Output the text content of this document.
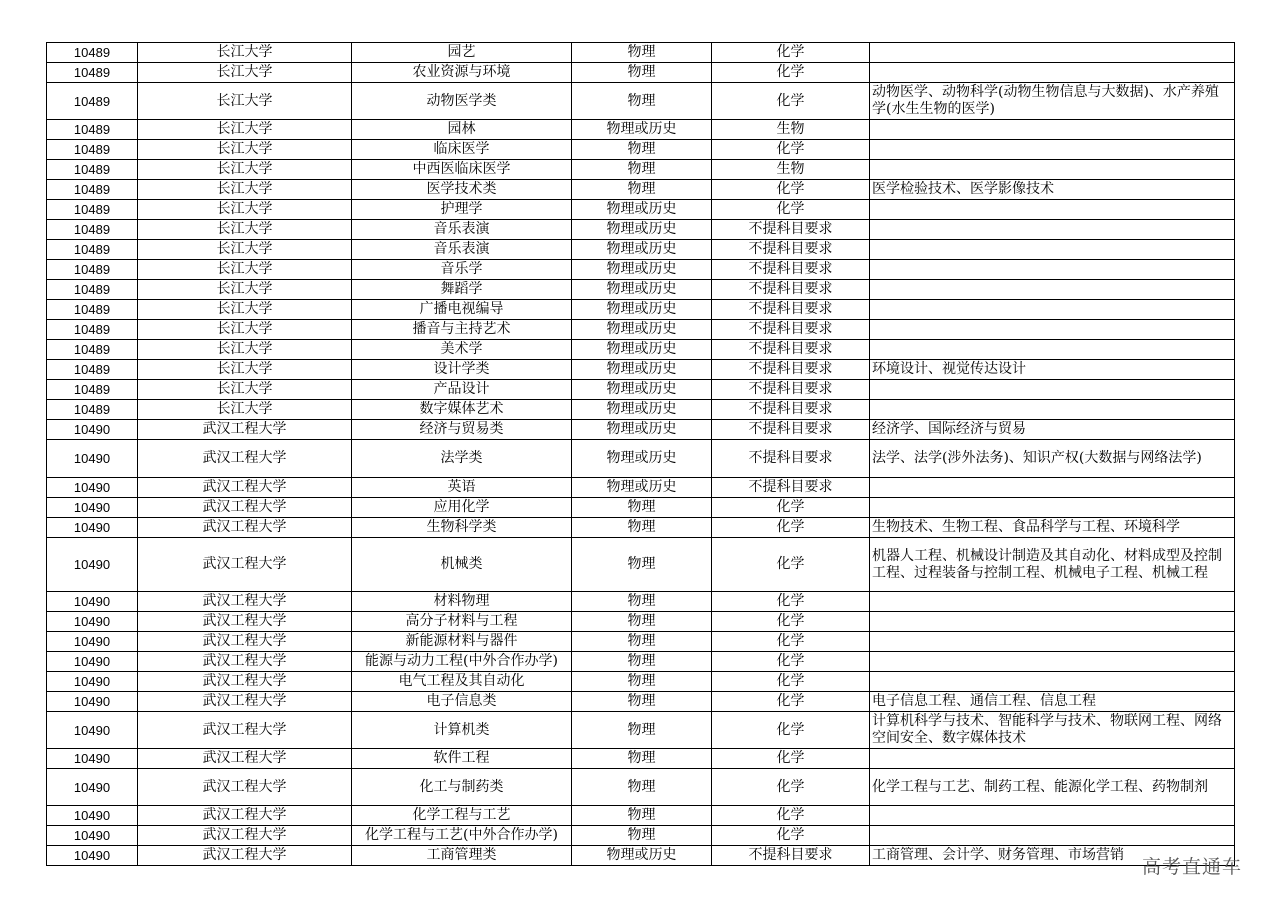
10489	长江大学	园艺	物理	化学	
10489	长江大学	农业资源与环境	物理	化学	
10489	长江大学	动物医学类	物理	化学	动物医学、动物科学(动物生物信息与大数据)、水产养殖学(水生生物的医学)
10489	长江大学	园林	物理或历史	生物	
10489	长江大学	临床医学	物理	化学	
10489	长江大学	中西医临床医学	物理	生物	
10489	长江大学	医学技术类	物理	化学	医学检验技术、医学影像技术
10489	长江大学	护理学	物理或历史	化学	
10489	长江大学	音乐表演	物理或历史	不提科目要求	
10489	长江大学	音乐表演	物理或历史	不提科目要求	
10489	长江大学	音乐学	物理或历史	不提科目要求	
10489	长江大学	舞蹈学	物理或历史	不提科目要求	
10489	长江大学	广播电视编导	物理或历史	不提科目要求	
10489	长江大学	播音与主持艺术	物理或历史	不提科目要求	
10489	长江大学	美术学	物理或历史	不提科目要求	
10489	长江大学	设计学类	物理或历史	不提科目要求	环境设计、视觉传达设计
10489	长江大学	产品设计	物理或历史	不提科目要求	
10489	长江大学	数字媒体艺术	物理或历史	不提科目要求	
10490	武汉工程大学	经济与贸易类	物理或历史	不提科目要求	经济学、国际经济与贸易
10490	武汉工程大学	法学类	物理或历史	不提科目要求	法学、法学(涉外法务)、知识产权(大数据与网络法学)
10490	武汉工程大学	英语	物理或历史	不提科目要求	
10490	武汉工程大学	应用化学	物理	化学	
10490	武汉工程大学	生物科学类	物理	化学	生物技术、生物工程、食品科学与工程、环境科学
10490	武汉工程大学	机械类	物理	化学	机器人工程、机械设计制造及其自动化、材料成型及控制工程、过程装备与控制工程、机械电子工程、机械工程
10490	武汉工程大学	材料物理	物理	化学	
10490	武汉工程大学	高分子材料与工程	物理	化学	
10490	武汉工程大学	新能源材料与器件	物理	化学	
10490	武汉工程大学	能源与动力工程(中外合作办学)	物理	化学	
10490	武汉工程大学	电气工程及其自动化	物理	化学	
10490	武汉工程大学	电子信息类	物理	化学	电子信息工程、通信工程、信息工程
10490	武汉工程大学	计算机类	物理	化学	计算机科学与技术、智能科学与技术、物联网工程、网络空间安全、数字媒体技术
10490	武汉工程大学	软件工程	物理	化学	
10490	武汉工程大学	化工与制药类	物理	化学	化学工程与工艺、制药工程、能源化学工程、药物制剂
10490	武汉工程大学	化学工程与工艺	物理	化学	
10490	武汉工程大学	化学工程与工艺(中外合作办学)	物理	化学	
10490	武汉工程大学	工商管理类	物理或历史	不提科目要求	工商管理、会计学、财务管理、市场营销
高考直通车
